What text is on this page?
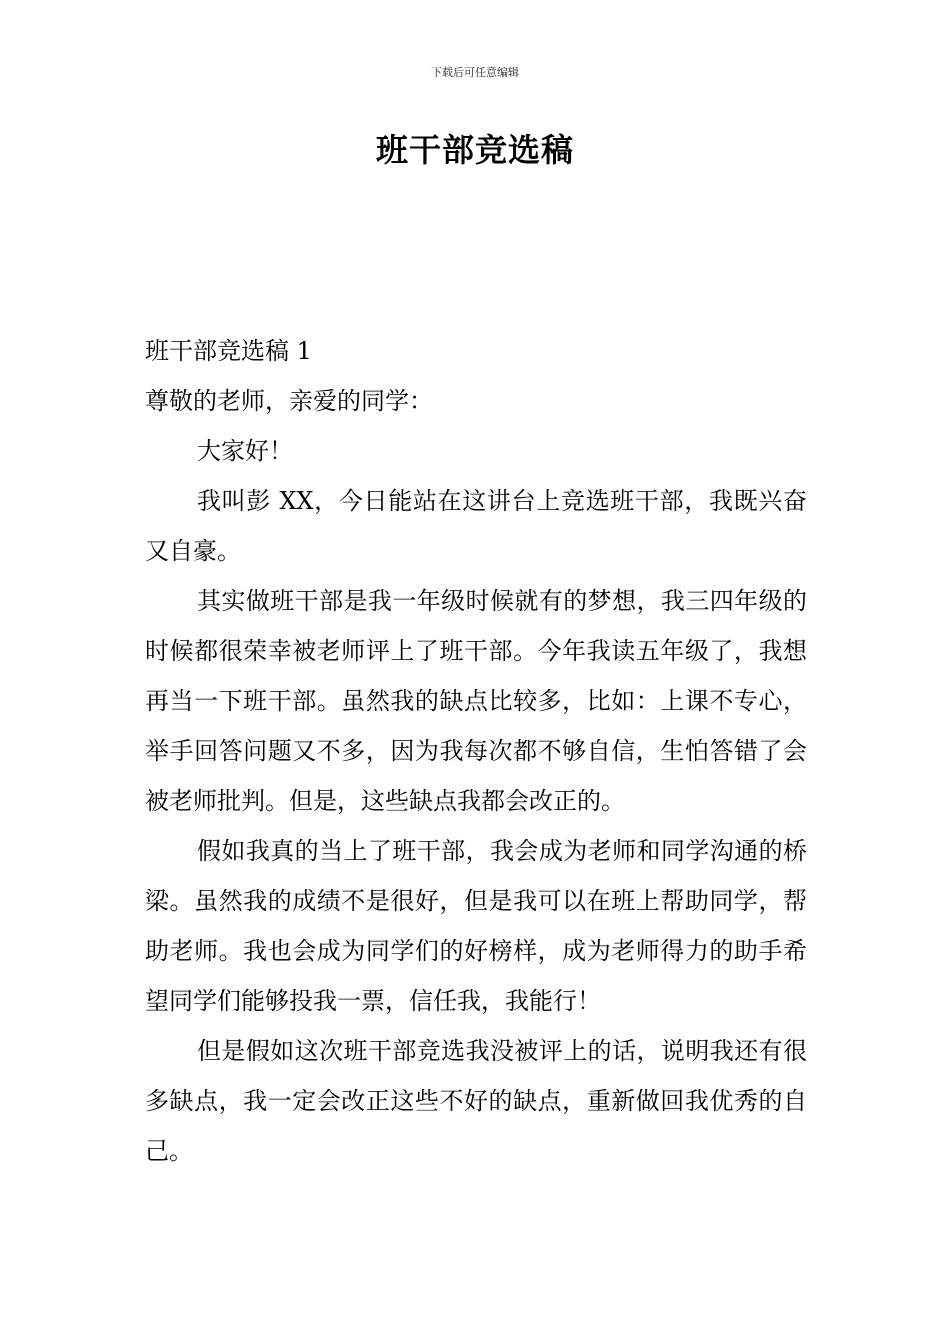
下载后可任意编辑
班干部竞选稿

班干部竞选稿 1

尊敬的老师，亲爱的同学：

大家好！

我叫彭 XX，今日能站在这讲台上竞选班干部，我既兴奋又自豪。

其实做班干部是我一年级时候就有的梦想，我三四年级的时候都很荣幸被老师评上了班干部。今年我读五年级了，我想再当一下班干部。虽然我的缺点比较多，比如：上课不专心，举手回答问题又不多，因为我每次都不够自信，生怕答错了会被老师批判。但是，这些缺点我都会改正的。

假如我真的当上了班干部，我会成为老师和同学沟通的桥梁。虽然我的成绩不是很好，但是我可以在班上帮助同学，帮助老师。我也会成为同学们的好榜样，成为老师得力的助手希望同学们能够投我一票，信任我，我能行！

但是假如这次班干部竞选我没被评上的话，说明我还有很多缺点，我一定会改正这些不好的缺点，重新做回我优秀的自己。
